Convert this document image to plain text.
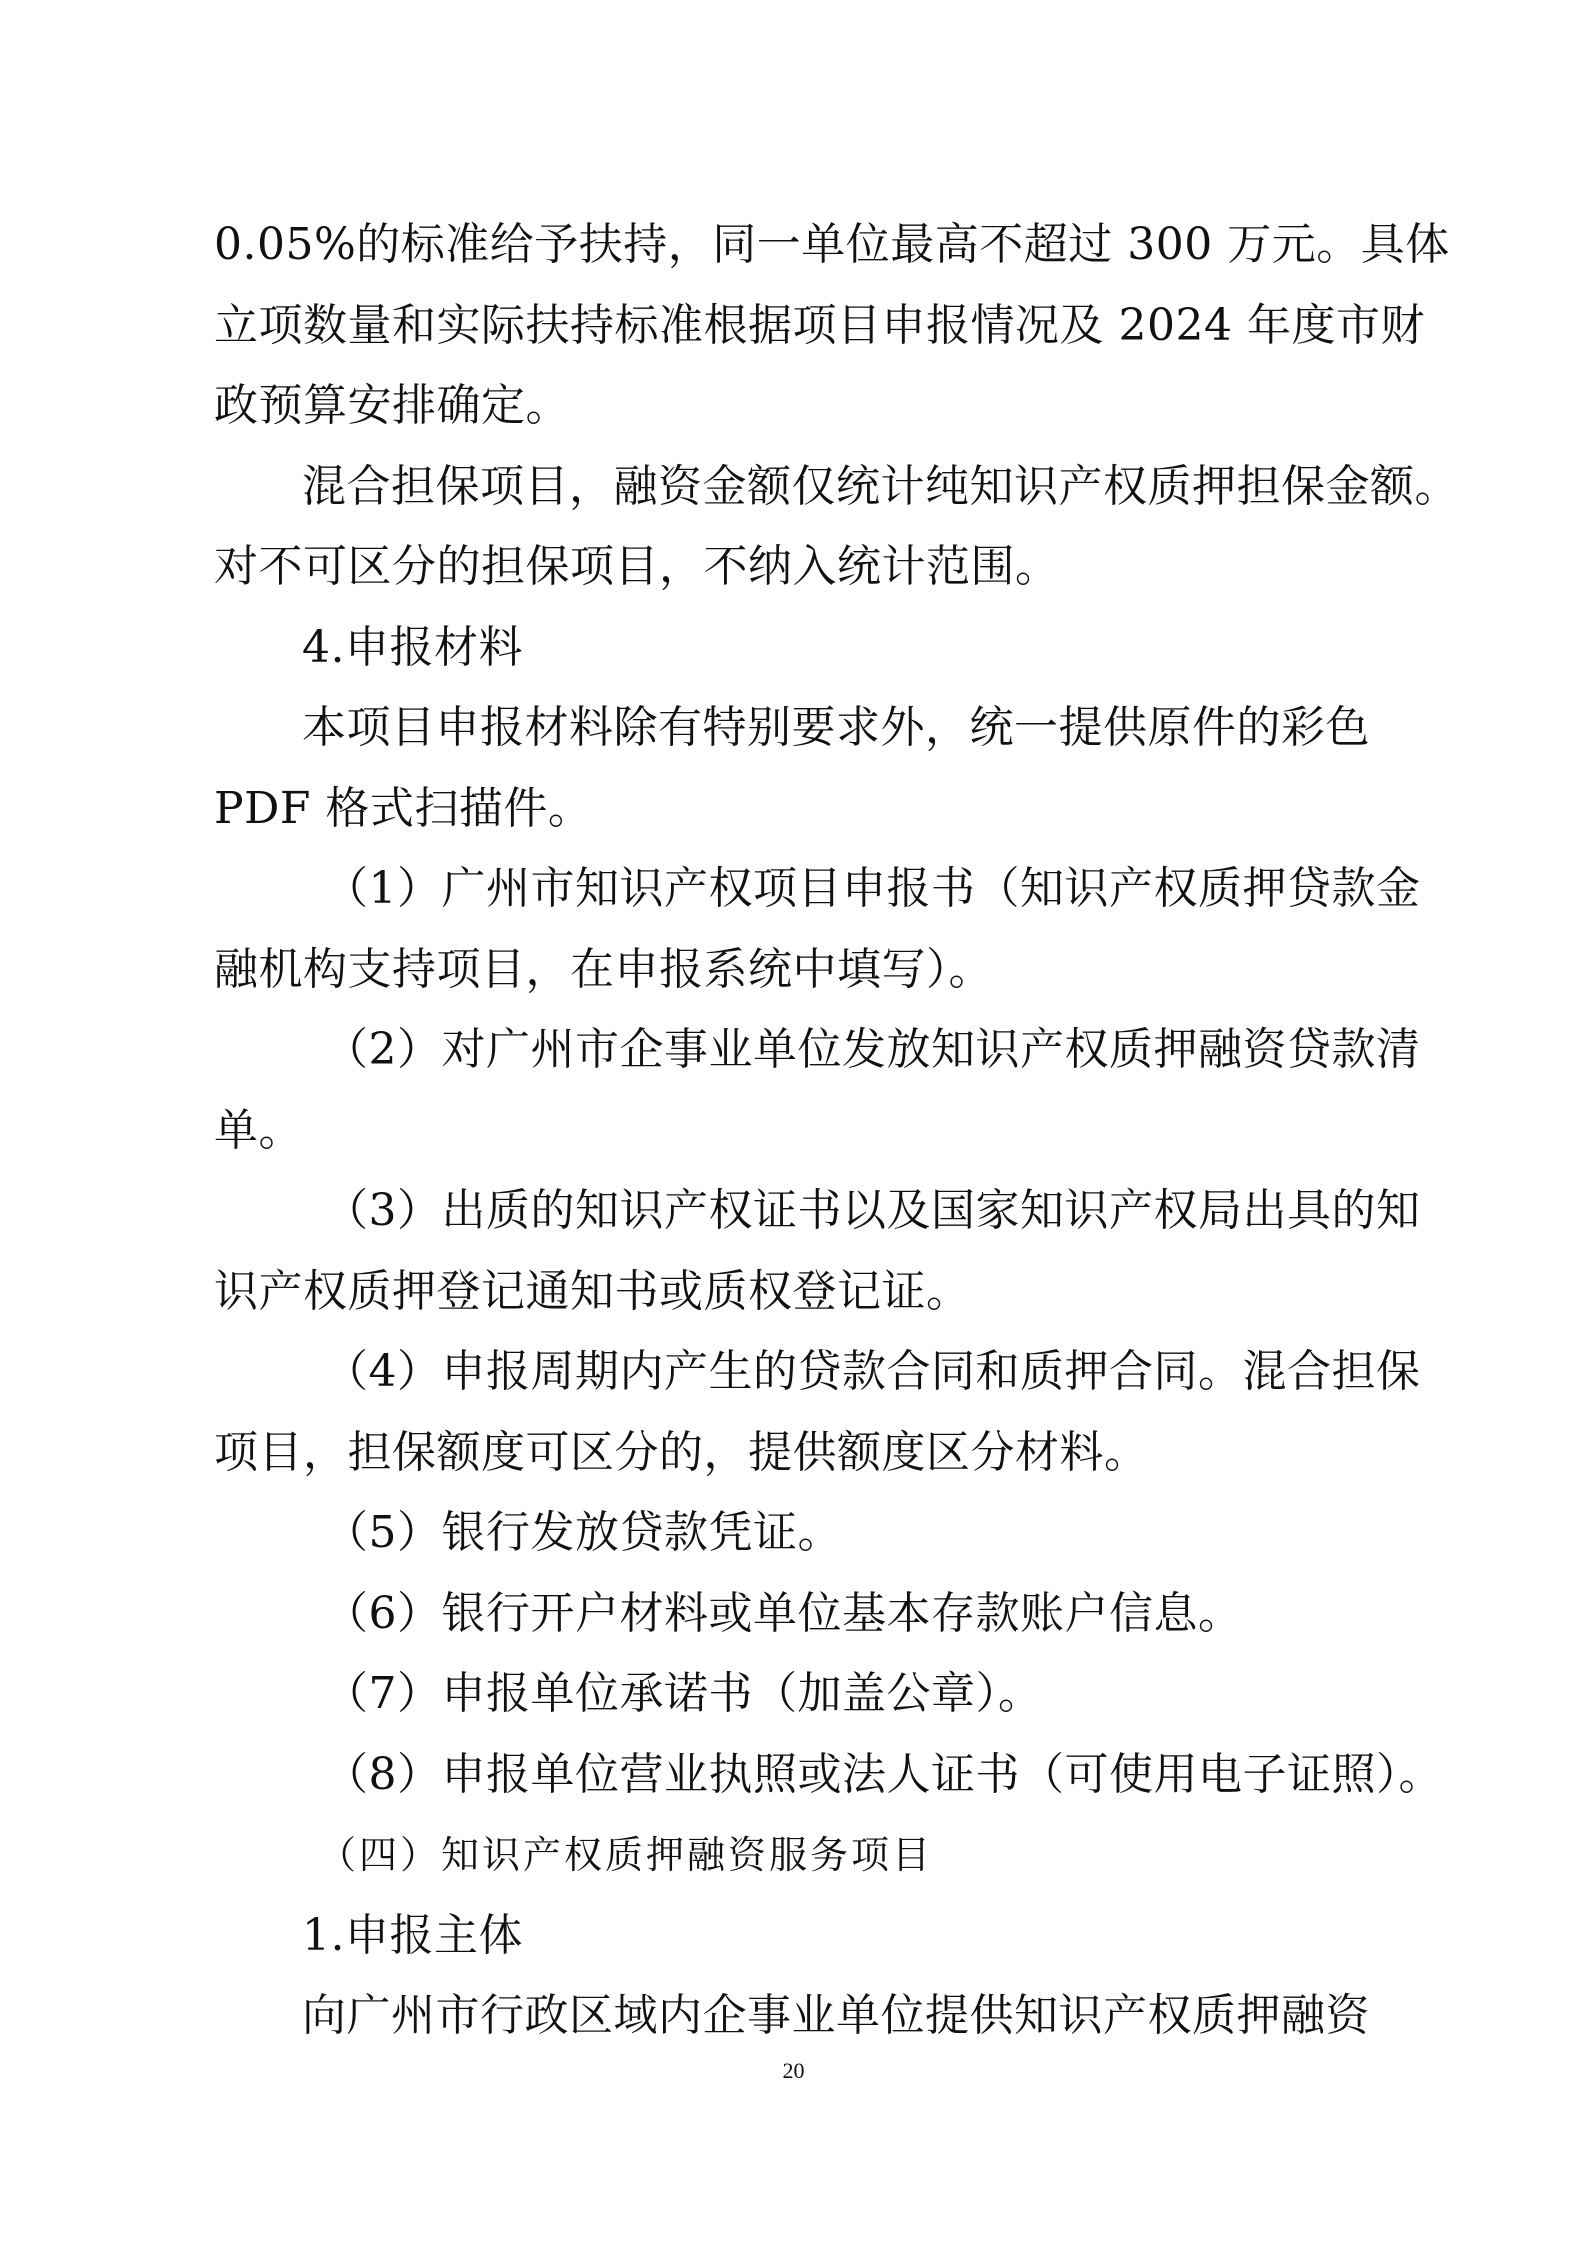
0.05%的标准给予扶持，同一单位最高不超过 300 万元。具体
立项数量和实际扶持标准根据项目申报情况及 2024 年度市财
政预算安排确定。
混合担保项目，融资金额仅统计纯知识产权质押担保金额。
对不可区分的担保项目，不纳入统计范围。
4.申报材料
本项目申报材料除有特别要求外，统一提供原件的彩色
PDF 格式扫描件。
（1）广州市知识产权项目申报书（知识产权质押贷款金
融机构支持项目，在申报系统中填写）。
（2）对广州市企事业单位发放知识产权质押融资贷款清
单。
（3）出质的知识产权证书以及国家知识产权局出具的知
识产权质押登记通知书或质权登记证。
（4）申报周期内产生的贷款合同和质押合同。混合担保
项目，担保额度可区分的，提供额度区分材料。
（5）银行发放贷款凭证。
（6）银行开户材料或单位基本存款账户信息。
（7）申报单位承诺书（加盖公章）。
（8）申报单位营业执照或法人证书（可使用电子证照）。
（四）知识产权质押融资服务项目
1.申报主体
向广州市行政区域内企事业单位提供知识产权质押融资
20
